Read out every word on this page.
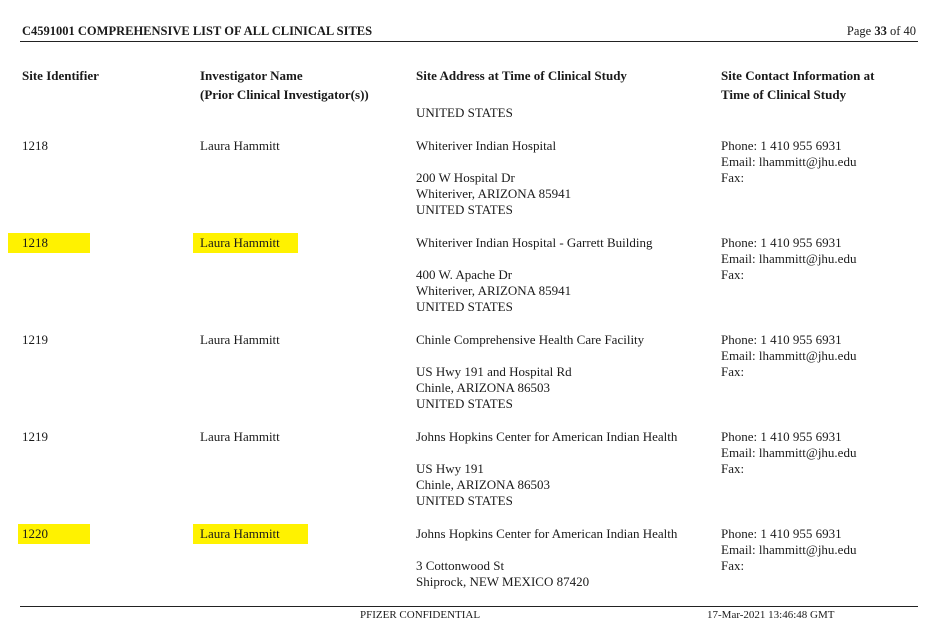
C4591001 COMPREHENSIVE LIST OF ALL CLINICAL SITES	Page 33 of 40
Site Identifier	Investigator Name
(Prior Clinical Investigator(s))
Site Address at Time of Clinical Study	Site Contact Information at
Time of Clinical Study
UNITED STATES
1218	Laura Hammitt	Whiteriver Indian Hospital
200 W Hospital Dr
Whiteriver, ARIZONA 85941
UNITED STATES
Phone: 1 410 955 6931
Email: lhammitt@jhu.edu
Fax:
1218	Laura Hammitt	Whiteriver Indian Hospital - Garrett Building
400 W. Apache Dr
Whiteriver, ARIZONA 85941
UNITED STATES
Phone: 1 410 955 6931
Email: lhammitt@jhu.edu
Fax:
1219	Laura Hammitt	Chinle Comprehensive Health Care Facility
US Hwy 191 and Hospital Rd
Chinle, ARIZONA 86503
UNITED STATES
Phone: 1 410 955 6931
Email: lhammitt@jhu.edu
Fax:
1219	Laura Hammitt	Johns Hopkins Center for American Indian Health
US Hwy 191
Chinle, ARIZONA 86503
UNITED STATES
Phone: 1 410 955 6931
Email: lhammitt@jhu.edu
Fax:
1220	Laura Hammitt	Johns Hopkins Center for American Indian Health
3 Cottonwood St
Shiprock, NEW MEXICO 87420
Phone: 1 410 955 6931
Email: lhammitt@jhu.edu
Fax:
PFIZER CONFIDENTIAL	17-Mar-2021 13:46:48 GMT
